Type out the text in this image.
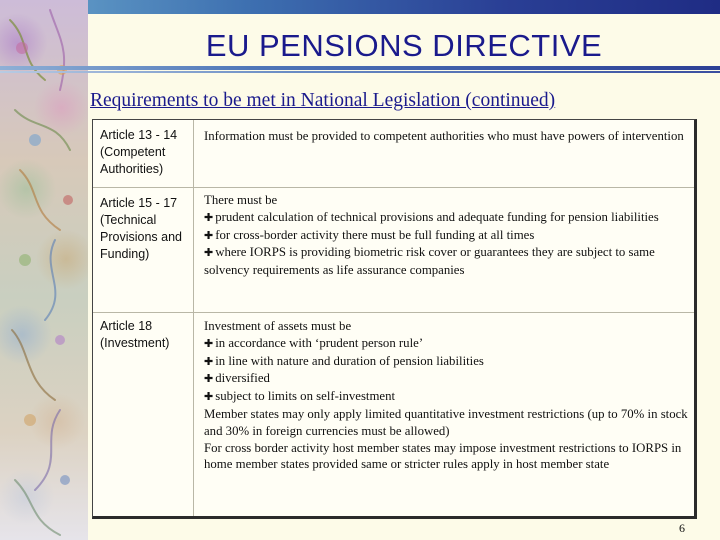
EU PENSIONS DIRECTIVE
Requirements to be met in National Legislation (continued)
Article 13 - 14
(Competent Authorities)
Information must be provided to competent authorities who must have powers of intervention
Article 15 - 17
(Technical Provisions and Funding)
There must be
✚ prudent calculation of technical provisions and adequate funding for pension liabilities
✚ for cross-border activity there must be full funding at all times
✚ where IORPS is providing biometric risk cover or guarantees they are subject to same solvency requirements as life assurance companies
Article 18
(Investment)
Investment of assets must be
✚ in accordance with ‘prudent person rule’
✚ in line with nature and duration of pension liabilities
✚ diversified
✚ subject to limits on self-investment
Member states may only apply limited quantitative investment restrictions (up to 70% in stock and 30% in foreign currencies must be allowed)
For cross border activity host member states may impose investment restrictions to IORPS in home member states provided same or stricter rules apply in host member state
6
